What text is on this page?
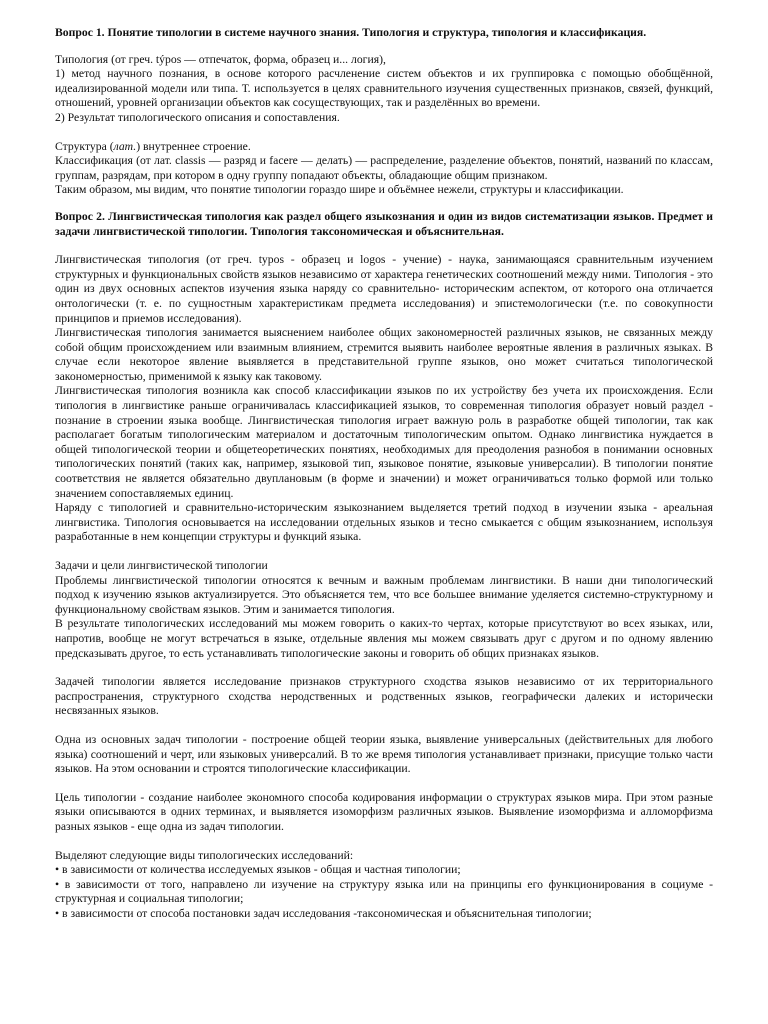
Вопрос 1. Понятие типологии в системе научного знания. Типология и структура, типология и классификация.

Типология (от греч. týpos — отпечаток, форма, образец и... логия),

1) метод научного познания, в основе которого расчленение систем объектов и их группировка с помощью обобщённой, идеализированной модели или типа. Т. используется в целях сравнительного изучения существенных признаков, связей, функций, отношений, уровней организации объектов как сосуществующих, так и разделённых во времени.

2) Результат типологического описания и сопоставления.

Структура (лат.) внутреннее строение.

Классификация (от лат. classis — разряд и facere — делать) — распределение, разделение объектов, понятий, названий по классам, группам, разрядам, при котором в одну группу попадают объекты, обладающие общим признаком.

Таким образом, мы видим, что понятие типологии гораздо шире и объёмнее нежели, структуры и классификации.

Вопрос 2. Лингвистическая типология как раздел общего языкознания и один из видов систематизации языков. Предмет и задачи лингвистической типологии. Типология таксономическая и объяснительная.

Лингвистическая типология (от греч. typos - образец и logos - учение) - наука, занимающаяся сравнительным изучением структурных и функциональных свойств языков независимо от характера генетических соотношений между ними. Типология - это один из двух основных аспектов изучения языка наряду со сравнительно- историческим аспектом, от которого она отличается онтологически (т. е. по сущностным характеристикам предмета исследования) и эпистемологически (т.е. по совокупности принципов и приемов исследования).

Лингвистическая типология занимается выяснением наиболее общих закономерностей различных языков, не связанных между собой общим происхождением или взаимным влиянием, стремится выявить наиболее вероятные явления в различных языках. В случае если некоторое явление выявляется в представительной группе языков, оно может считаться типологической закономерностью, применимой к языку как таковому.

Лингвистическая типология возникла как способ классификации языков по их устройству без учета их происхождения. Если типология в лингвистике раньше ограничивалась классификацией языков, то современная типология образует новый раздел - познание в строении языка вообще. Лингвистическая типология играет важную роль в разработке общей типологии, так как располагает богатым типологическим материалом и достаточным типологическим опытом. Однако лингвистика нуждается в общей типологической теории и общетеоретических понятиях, необходимых для преодоления разнобоя в понимании основных типологических понятий (таких как, например, языковой тип, языковое понятие, языковые универсалии). В типологии понятие соответствия не является обязательно двуплановым (в форме и значении) и может ограничиваться только формой или только значением сопоставляемых единиц.

Наряду с типологией и сравнительно-историческим языкознанием выделяется третий подход в изучении языка - ареальная лингвистика. Типология основывается на исследовании отдельных языков и тесно смыкается с общим языкознанием, используя разработанные в нем концепции структуры и функций языка.

Задачи и цели лингвистической типологии

Проблемы лингвистической типологии относятся к вечным и важным проблемам лингвистики. В наши дни типологический подход к изучению языков актуализируется. Это объясняется тем, что все большее внимание уделяется системно-структурному и функциональному свойствам языков. Этим и занимается типология.

В результате типологических исследований мы можем говорить о каких-то чертах, которые присутствуют во всех языках, или, напротив, вообще не могут встречаться в языке, отдельные явления мы можем связывать друг с другом и по одному явлению предсказывать другое, то есть устанавливать типологические законы и говорить об общих признаках языков.

Задачей типологии является исследование признаков структурного сходства языков независимо от их территориального распространения, структурного сходства неродственных и родственных языков, географически далеких и исторически несвязанных языков.

Одна из основных задач типологии - построение общей теории языка, выявление универсальных (действительных для любого языка) соотношений и черт, или языковых универсалий. В то же время типология устанавливает признаки, присущие только части языков. На этом основании и строятся типологические классификации.

Цель типологии - создание наиболее экономного способа кодирования информации о структурах языков мира. При этом разные языки описываются в одних терминах, и выявляется изоморфизм различных языков. Выявление изоморфизма и алломорфизма разных языков - еще одна из задач типологии.

Выделяют следующие виды типологических исследований:

• в зависимости от количества исследуемых языков - общая и частная типологии;

• в зависимости от того, направлено ли изучение на структуру языка или на принципы его функционирования в социуме - структурная и социальная типологии;

• в зависимости от способа постановки задач исследования -таксономическая и объяснительная типологии;
